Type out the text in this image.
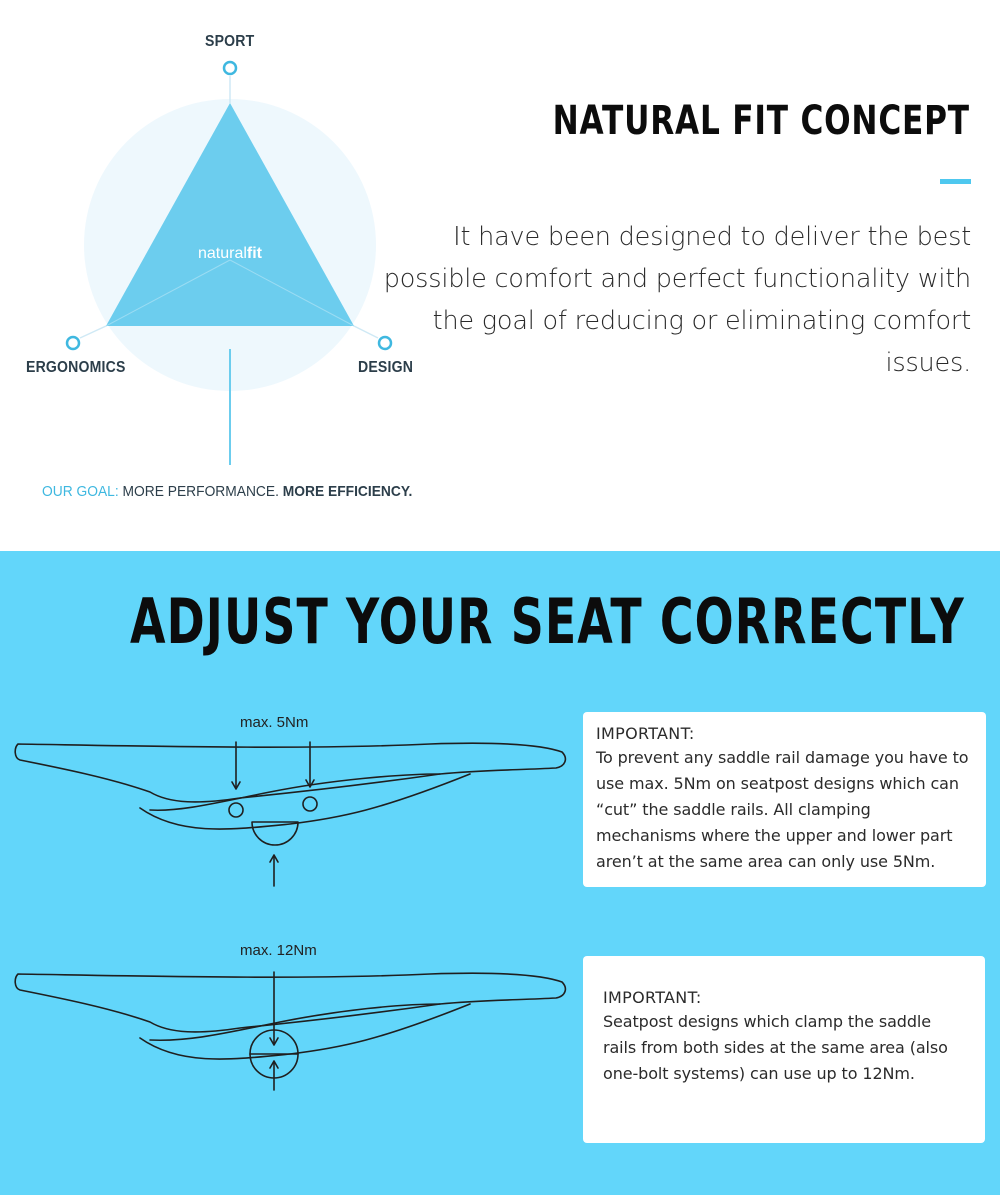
naturalfit
SPORT
ERGONOMICS	DESIGN
OUR GOAL: MORE PERFORMANCE. MORE EFFICIENCY.
NATURAL FIT CONCEPT
It have been designed to deliver the best possible comfort and perfect functionality with the goal of reducing or eliminating comfort issues.
ADJUST YOUR SEAT CORRECTLY
max. 5Nm
max. 12Nm
IMPORTANT:
To prevent any saddle rail damage you have to use max. 5Nm on seatpost designs which can “cut” the saddle rails. All clamping mechanisms where the upper and lower part aren’t at the same area can only use 5Nm.
IMPORTANT:
Seatpost designs which clamp the saddle rails from both sides at the same area (also one-bolt systems) can use up to 12Nm.
